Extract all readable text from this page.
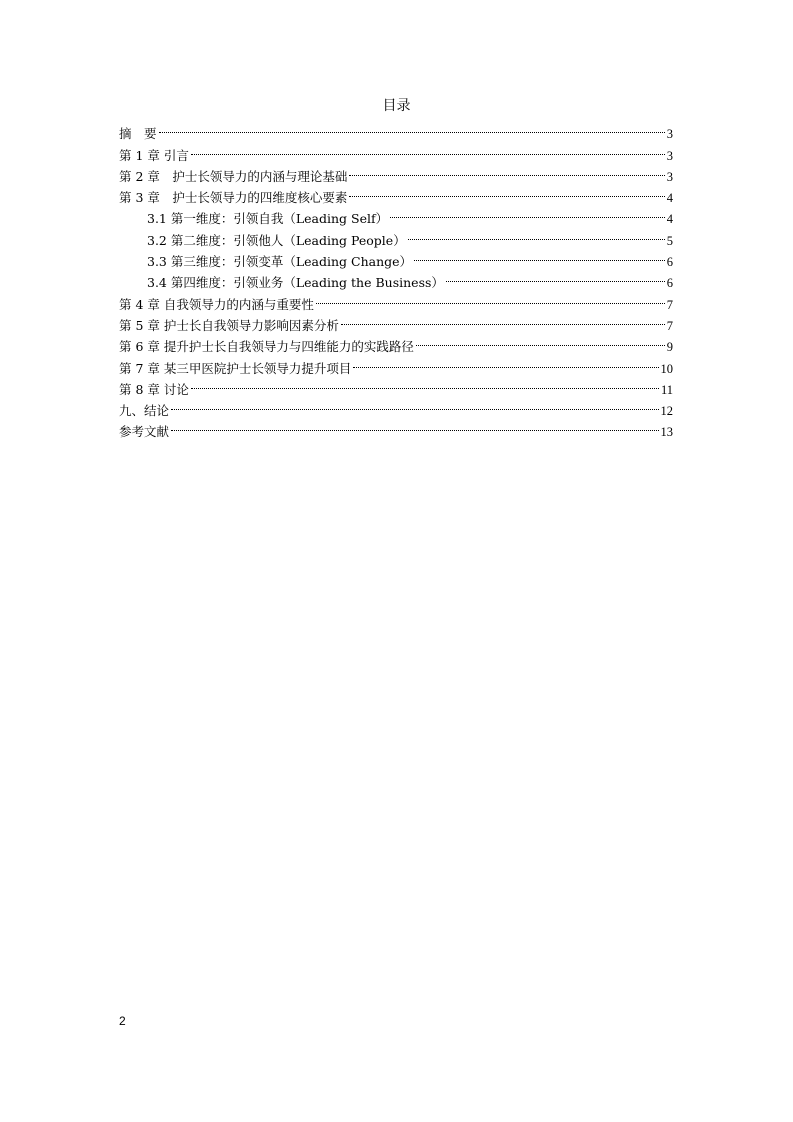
目录
摘　要	3
第 1 章 引言	3
第 2 章　护士长领导力的内涵与理论基础	3
第 3 章　护士长领导力的四维度核心要素	4
3.1 第一维度：引领自我（Leading Self）	4
3.2 第二维度：引领他人（Leading People）	5
3.3 第三维度：引领变革（Leading Change）	6
3.4 第四维度：引领业务（Leading the Business）	6
第 4 章 自我领导力的内涵与重要性	7
第 5 章 护士长自我领导力影响因素分析	7
第 6 章 提升护士长自我领导力与四维能力的实践路径	9
第 7 章 某三甲医院护士长领导力提升项目	10
第 8 章 讨论	11
九、结论	12
参考文献	13
2
